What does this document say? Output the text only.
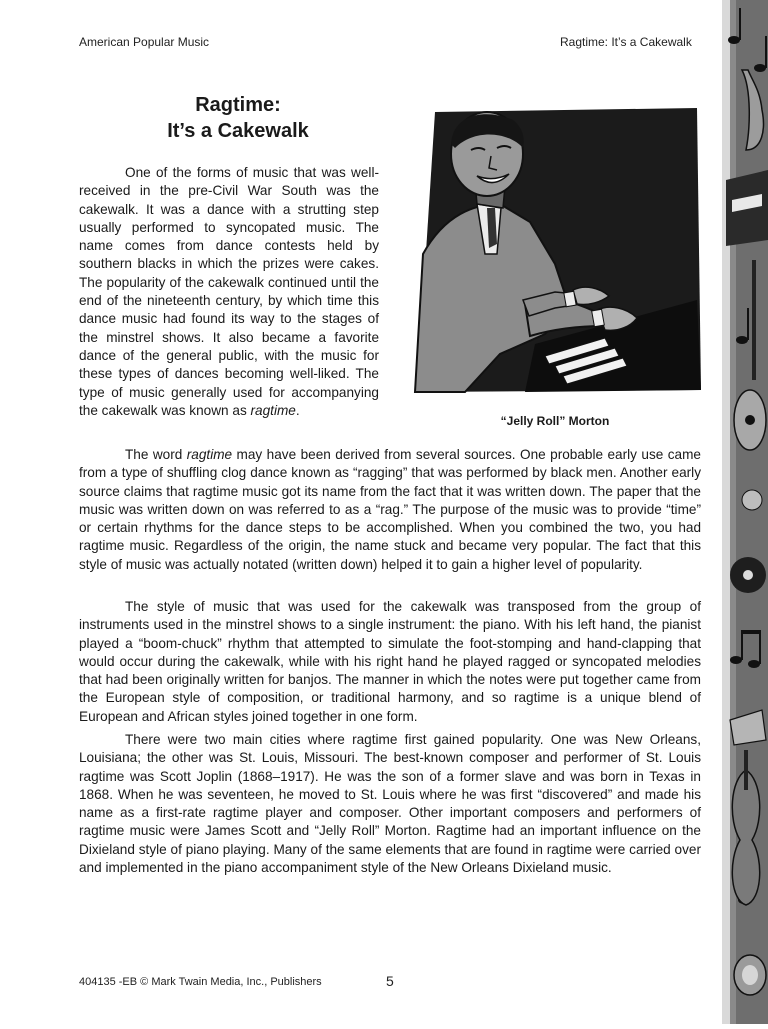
American Popular Music	Ragtime: It’s a Cakewalk
Ragtime:
It’s a Cakewalk

One of the forms of music that was well-received in the pre-Civil War South was the cakewalk. It was a dance with a strutting step usually performed to syncopated music. The name comes from dance contests held by southern blacks in which the prizes were cakes. The popularity of the cakewalk continued until the end of the nineteenth century, by which time this dance music had found its way to the stages of the minstrel shows. It also became a favorite dance of the general public, with the music for these types of dances becoming well-liked. The type of music generally used for accompanying the cakewalk was known as ragtime.

“Jelly Roll” Morton

The word ragtime may have been derived from several sources. One probable early use came from a type of shuffling clog dance known as “ragging” that was performed by black men. Another early source claims that ragtime music got its name from the fact that it was written down. The paper that the music was written down on was referred to as a “rag.” The purpose of the music was to provide “time” or certain rhythms for the dance steps to be accomplished. When you combined the two, you had ragtime music. Regardless of the origin, the name stuck and became very popular. The fact that this style of music was actually notated (written down) helped it to gain a higher level of popularity.

The style of music that was used for the cakewalk was transposed from the group of instruments used in the minstrel shows to a single instrument: the piano. With his left hand, the pianist played a “boom-chuck” rhythm that attempted to simulate the foot-stomping and hand-clapping that would occur during the cakewalk, while with his right hand he played ragged or syncopated melodies that had been originally written for banjos. The manner in which the notes were put together came from the European style of composition, or traditional harmony, and so ragtime is a unique blend of European and African styles joined together in one form.

There were two main cities where ragtime first gained popularity. One was New Orleans, Louisiana; the other was St. Louis, Missouri. The best-known composer and performer of St. Louis ragtime was Scott Joplin (1868–1917). He was the son of a former slave and was born in Texas in 1868. When he was seventeen, he moved to St. Louis where he was first “discovered” and made his name as a first-rate ragtime player and composer. Other important composers and performers of ragtime music were James Scott and “Jelly Roll” Morton. Ragtime had an important influence on the Dixieland style of piano playing. Many of the same elements that are found in ragtime were carried over and implemented in the piano accompaniment style of the New Orleans Dixieland music.

404135 -EB © Mark Twain Media, Inc., Publishers	5
